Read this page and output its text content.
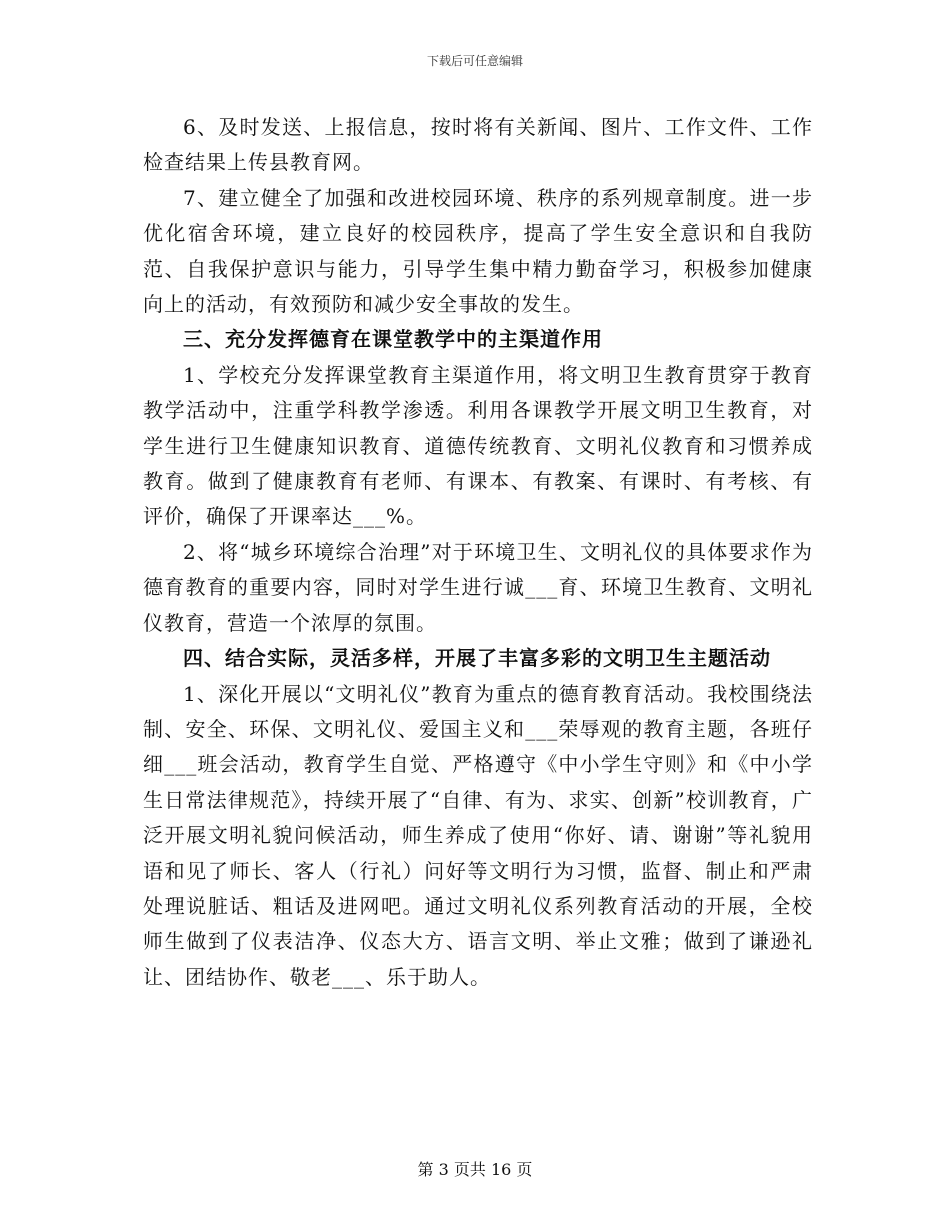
下载后可任意编辑

6、及时发送、上报信息，按时将有关新闻、图片、工作文件、工作检查结果上传县教育网。

7、建立健全了加强和改进校园环境、秩序的系列规章制度。进一步优化宿舍环境，建立良好的校园秩序，提高了学生安全意识和自我防范、自我保护意识与能力，引导学生集中精力勤奋学习，积极参加健康向上的活动，有效预防和减少安全事故的发生。

三、充分发挥德育在课堂教学中的主渠道作用

1、学校充分发挥课堂教育主渠道作用，将文明卫生教育贯穿于教育教学活动中，注重学科教学渗透。利用各课教学开展文明卫生教育，对学生进行卫生健康知识教育、道德传统教育、文明礼仪教育和习惯养成教育。做到了健康教育有老师、有课本、有教案、有课时、有考核、有评价，确保了开课率达___%。

2、将“城乡环境综合治理”对于环境卫生、文明礼仪的具体要求作为德育教育的重要内容，同时对学生进行诚___育、环境卫生教育、文明礼仪教育，营造一个浓厚的氛围。

四、结合实际，灵活多样，开展了丰富多彩的文明卫生主题活动

1、深化开展以“文明礼仪”教育为重点的德育教育活动。我校围绕法制、安全、环保、文明礼仪、爱国主义和___荣辱观的教育主题，各班仔细___班会活动，教育学生自觉、严格遵守《中小学生守则》和《中小学生日常法律规范》，持续开展了“自律、有为、求实、创新”校训教育，广泛开展文明礼貌问候活动，师生养成了使用“你好、请、谢谢”等礼貌用语和见了师长、客人（行礼）问好等文明行为习惯，监督、制止和严肃处理说脏话、粗话及进网吧。通过文明礼仪系列教育活动的开展，全校师生做到了仪表洁净、仪态大方、语言文明、举止文雅；做到了谦逊礼让、团结协作、敬老___、乐于助人。

第 3 页共 16 页
